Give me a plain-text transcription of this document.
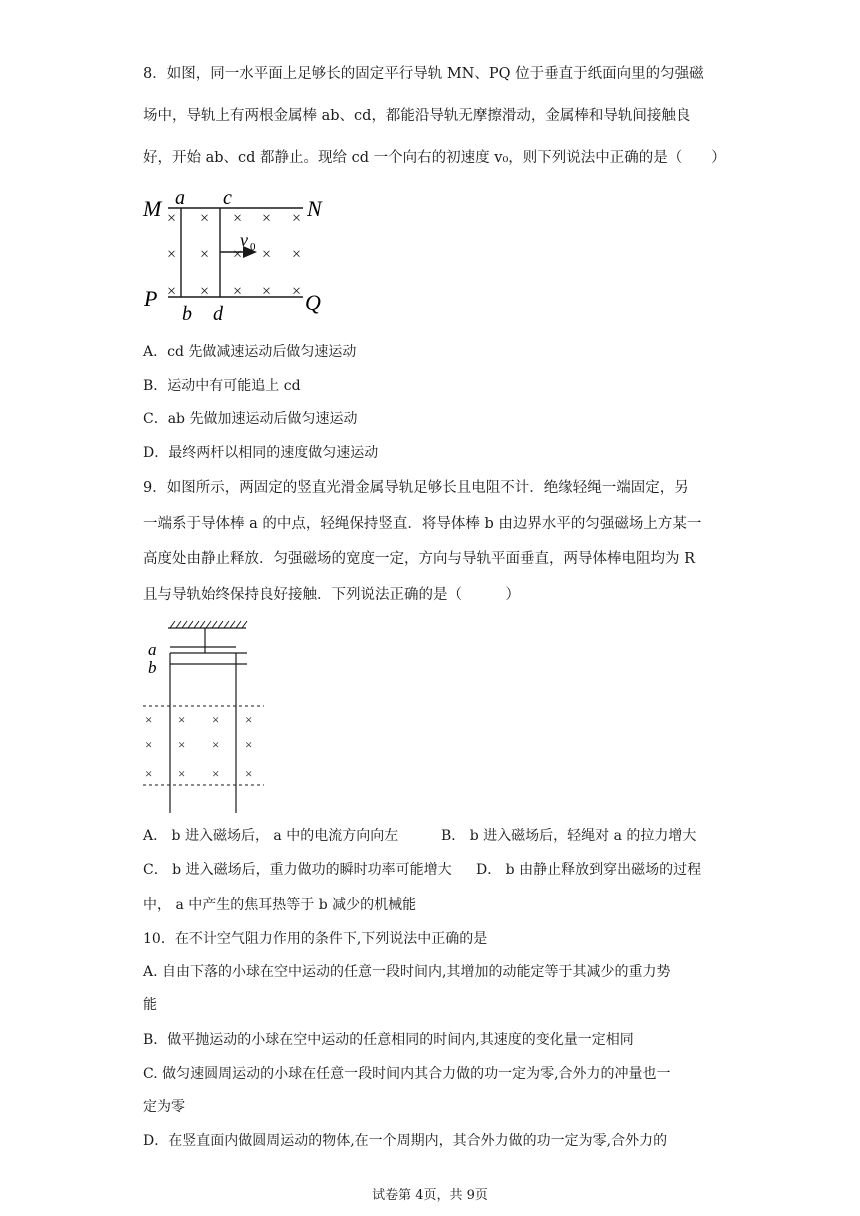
8．如图，同一水平面上足够长的固定平行导轨 MN、PQ 位于垂直于纸面向里的匀强磁
场中，导轨上有两根金属棒 ab、cd，都能沿导轨无摩擦滑动，金属棒和导轨间接触良
好，开始 ab、cd 都静止。现给 cd 一个向右的初速度 v₀，则下列说法中正确的是（　　）
× × × × ×
× × × × ×
× × × × ×
M	N
P	Q
a c
b d
v 0
A．cd 先做减速运动后做匀速运动
B．运动中有可能追上 cd
C．ab 先做加速运动后做匀速运动
D．最终两杆以相同的速度做匀速运动
9．如图所示，两固定的竖直光滑金属导轨足够长且电阻不计．绝缘轻绳一端固定，另
一端系于导体棒 a 的中点，轻绳保持竖直．将导体棒 b 由边界水平的匀强磁场上方某一
高度处由静止释放．匀强磁场的宽度一定，方向与导轨平面垂直，两导体棒电阻均为 R
且与导轨始终保持良好接触．下列说法正确的是（　　　）
× × × ×
× × × ×
× × × ×
a
b
A． b 进入磁场后， a 中的电流方向向左	B． b 进入磁场后，轻绳对 a 的拉力增大
C． b 进入磁场后，重力做功的瞬时功率可能增大 D． b 由静止释放到穿出磁场的过程
中， a 中产生的焦耳热等于 b 减少的机械能
10．在不计空气阻力作用的条件下,下列说法中正确的是
A. 自由下落的小球在空中运动的任意一段时间内,其增加的动能定等于其减少的重力势
能
B．做平抛运动的小球在空中运动的任意相同的时间内,其速度的变化量一定相同
C. 做匀速圆周运动的小球在任意一段时间内其合力做的功一定为零,合外力的冲量也一
定为零
D．在竖直面内做圆周运动的物体,在一个周期内，其合外力做的功一定为零,合外力的
试卷第 4页，共 9页
